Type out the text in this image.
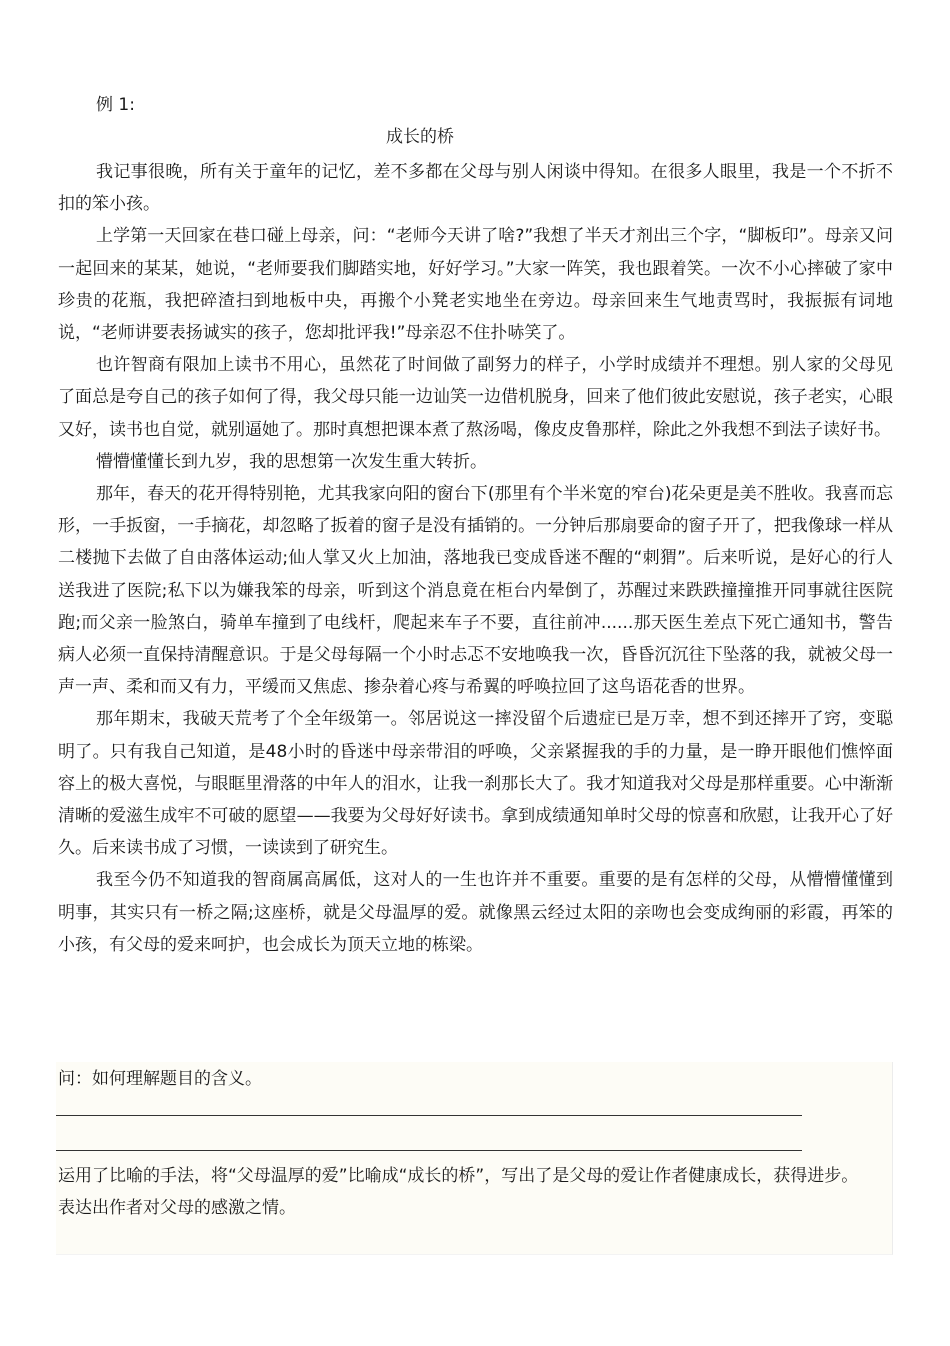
例 1:
成长的桥

我记事很晚，所有关于童年的记忆，差不多都在父母与别人闲谈中得知。在很多人眼里，我是一个不折不扣的笨小孩。

上学第一天回家在巷口碰上母亲，问：“老师今天讲了啥?”我想了半天才剂出三个字，“脚板印”。母亲又问一起回来的某某，她说，“老师要我们脚踏实地，好好学习。”大家一阵笑，我也跟着笑。一次不小心摔破了家中珍贵的花瓶，我把碎渣扫到地板中央，再搬个小凳老实地坐在旁边。母亲回来生气地责骂时，我振振有词地说，“老师讲要表扬诚实的孩子，您却批评我!”母亲忍不住扑哧笑了。

也许智商有限加上读书不用心，虽然花了时间做了副努力的样子，小学时成绩并不理想。别人家的父母见了面总是夸自己的孩子如何了得，我父母只能一边讪笑一边借机脱身，回来了他们彼此安慰说，孩子老实，心眼又好，读书也自觉，就别逼她了。那时真想把课本煮了熬汤喝，像皮皮鲁那样，除此之外我想不到法子读好书。

懵懵懂懂长到九岁，我的思想第一次发生重大转折。

那年，春天的花开得特别艳，尤其我家向阳的窗台下(那里有个半米宽的窄台)花朵更是美不胜收。我喜而忘形，一手扳窗，一手摘花，却忽略了扳着的窗子是没有插销的。一分钟后那扇要命的窗子开了，把我像球一样从二楼抛下去做了自由落体运动;仙人掌又火上加油，落地我已变成昏迷不醒的“刺猬”。后来听说，是好心的行人送我进了医院;私下以为嫌我笨的母亲，听到这个消息竟在柜台内晕倒了，苏醒过来跌跌撞撞推开同事就往医院跑;而父亲一脸煞白，骑单车撞到了电线杆，爬起来车子不要，直往前冲......那天医生差点下死亡通知书，警告病人必须一直保持清醒意识。于是父母每隔一个小时忐忑不安地唤我一次，昏昏沉沉往下坠落的我，就被父母一声一声、柔和而又有力，平缓而又焦虑、掺杂着心疼与希翼的呼唤拉回了这鸟语花香的世界。

那年期末，我破天荒考了个全年级第一。邻居说这一摔没留个后遗症已是万幸，想不到还摔开了窍，变聪明了。只有我自己知道，是48小时的昏迷中母亲带泪的呼唤，父亲紧握我的手的力量，是一睁开眼他们憔悴面容上的极大喜悦，与眼眶里滑落的中年人的泪水，让我一刹那长大了。我才知道我对父母是那样重要。心中渐渐清晰的爱滋生成牢不可破的愿望——我要为父母好好读书。拿到成绩通知单时父母的惊喜和欣慰，让我开心了好久。后来读书成了习惯，一读读到了研究生。

我至今仍不知道我的智商属高属低，这对人的一生也许并不重要。重要的是有怎样的父母，从懵懵懂懂到明事，其实只有一桥之隔;这座桥，就是父母温厚的爱。就像黑云经过太阳的亲吻也会变成绚丽的彩霞，再笨的小孩，有父母的爱来呵护，也会成长为顶天立地的栋梁。

问：如何理解题目的含义。
运用了比喻的手法，将“父母温厚的爱”比喻成“成长的桥”，写出了是父母的爱让作者健康成长，获得进步。表达出作者对父母的感激之情。
